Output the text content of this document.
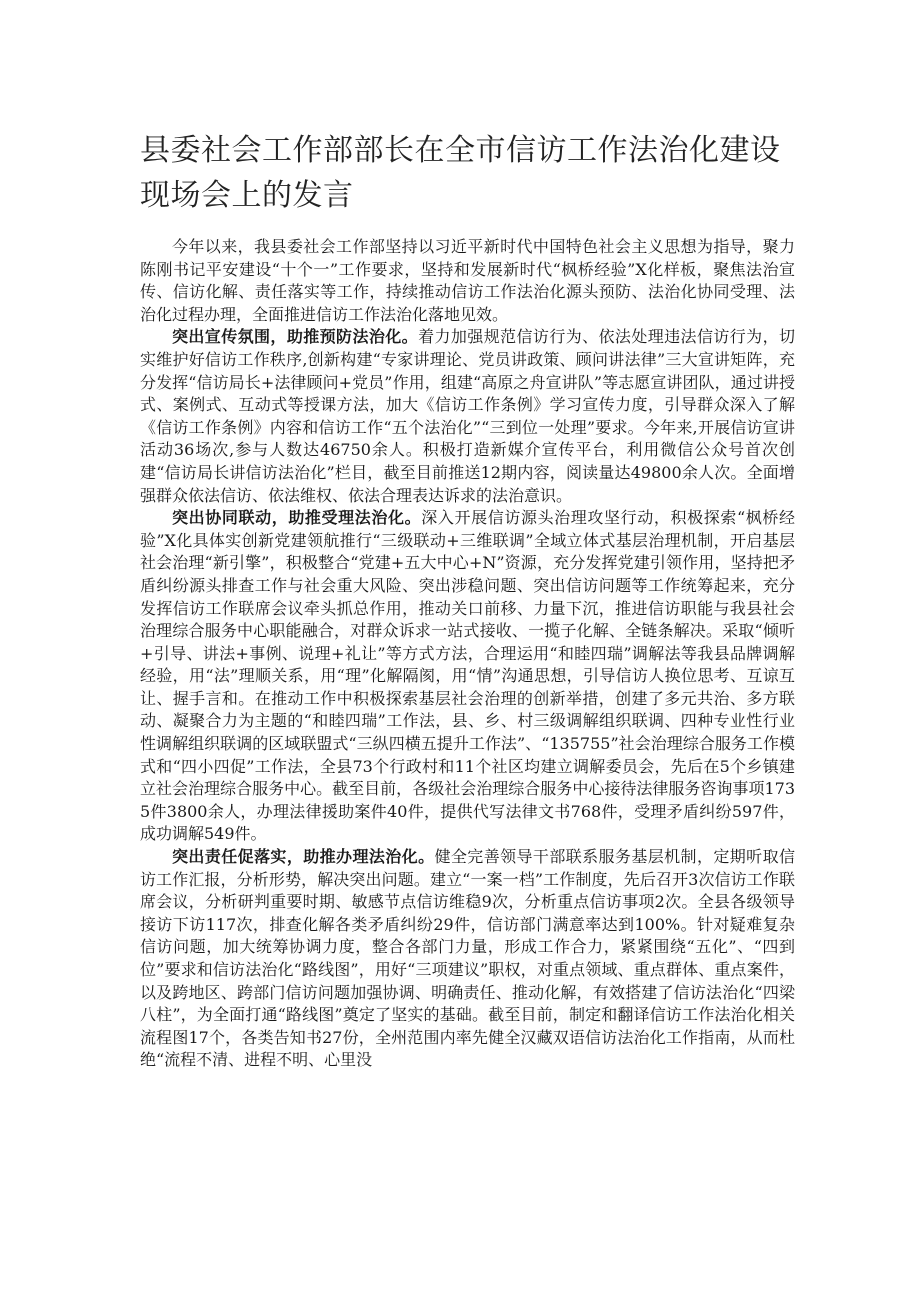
县委社会工作部部长在全市信访工作法治化建设现场会上的发言

今年以来，我县委社会工作部坚持以习近平新时代中国特色社会主义思想为指导，聚力陈刚书记平安建设“十个一”工作要求，坚持和发展新时代“枫桥经验”X化样板，聚焦法治宣传、信访化解、责任落实等工作，持续推动信访工作法治化源头预防、法治化协同受理、法治化过程办理，全面推进信访工作法治化落地见效。

突出宣传氛围，助推预防法治化。着力加强规范信访行为、依法处理违法信访行为，切实维护好信访工作秩序,创新构建“专家讲理论、党员讲政策、顾问讲法律”三大宣讲矩阵，充分发挥“信访局长+法律顾问+党员”作用，组建“高原之舟宣讲队”等志愿宣讲团队，通过讲授式、案例式、互动式等授课方法，加大《信访工作条例》学习宣传力度，引导群众深入了解《信访工作条例》内容和信访工作“五个法治化”“三到位一处理”要求。今年来,开展信访宣讲活动36场次,参与人数达46750余人。积极打造新媒介宣传平台，利用微信公众号首次创建“信访局长讲信访法治化”栏目，截至目前推送12期内容，阅读量达49800余人次。全面增强群众依法信访、依法维权、依法合理表达诉求的法治意识。

突出协同联动，助推受理法治化。深入开展信访源头治理攻坚行动，积极探索“枫桥经验”X化具体实创新党建领航推行“三级联动+三维联调”全域立体式基层治理机制，开启基层社会治理“新引擎”，积极整合“党建+五大中心+N”资源，充分发挥党建引领作用，坚持把矛盾纠纷源头排查工作与社会重大风险、突出涉稳问题、突出信访问题等工作统筹起来，充分发挥信访工作联席会议牵头抓总作用，推动关口前移、力量下沉，推进信访职能与我县社会治理综合服务中心职能融合，对群众诉求一站式接收、一揽子化解、全链条解决。采取“倾听+引导、讲法+事例、说理+礼让”等方式方法，合理运用“和睦四瑞”调解法等我县品牌调解经验，用“法”理顺关系，用“理”化解隔阂，用“情”沟通思想，引导信访人换位思考、互谅互让、握手言和。在推动工作中积极探索基层社会治理的创新举措，创建了多元共治、多方联动、凝聚合力为主题的“和睦四瑞”工作法，县、乡、村三级调解组织联调、四种专业性行业性调解组织联调的区域联盟式“三纵四横五提升工作法”、“135755”社会治理综合服务工作模式和“四小四促”工作法，全县73个行政村和11个社区均建立调解委员会，先后在5个乡镇建立社会治理综合服务中心。截至目前，各级社会治理综合服务中心接待法律服务咨询事项1735件3800余人，办理法律援助案件40件，提供代写法律文书768件，受理矛盾纠纷597件，成功调解549件。

突出责任促落实，助推办理法治化。健全完善领导干部联系服务基层机制，定期听取信访工作汇报，分析形势，解决突出问题。建立“一案一档”工作制度，先后召开3次信访工作联席会议，分析研判重要时期、敏感节点信访维稳9次，分析重点信访事项2次。全县各级领导接访下访117次，排查化解各类矛盾纠纷29件，信访部门满意率达到100%。针对疑难复杂信访问题，加大统筹协调力度，整合各部门力量，形成工作合力，紧紧围绕“五化”、“四到位”要求和信访法治化“路线图”，用好“三项建议”职权，对重点领域、重点群体、重点案件，以及跨地区、跨部门信访问题加强协调、明确责任、推动化解，有效搭建了信访法治化“四梁八柱”，为全面打通“路线图”奠定了坚实的基础。截至目前，制定和翻译信访工作法治化相关流程图17个，各类告知书27份，全州范围内率先健全汉藏双语信访法治化工作指南，从而杜绝“流程不清、进程不明、心里没
